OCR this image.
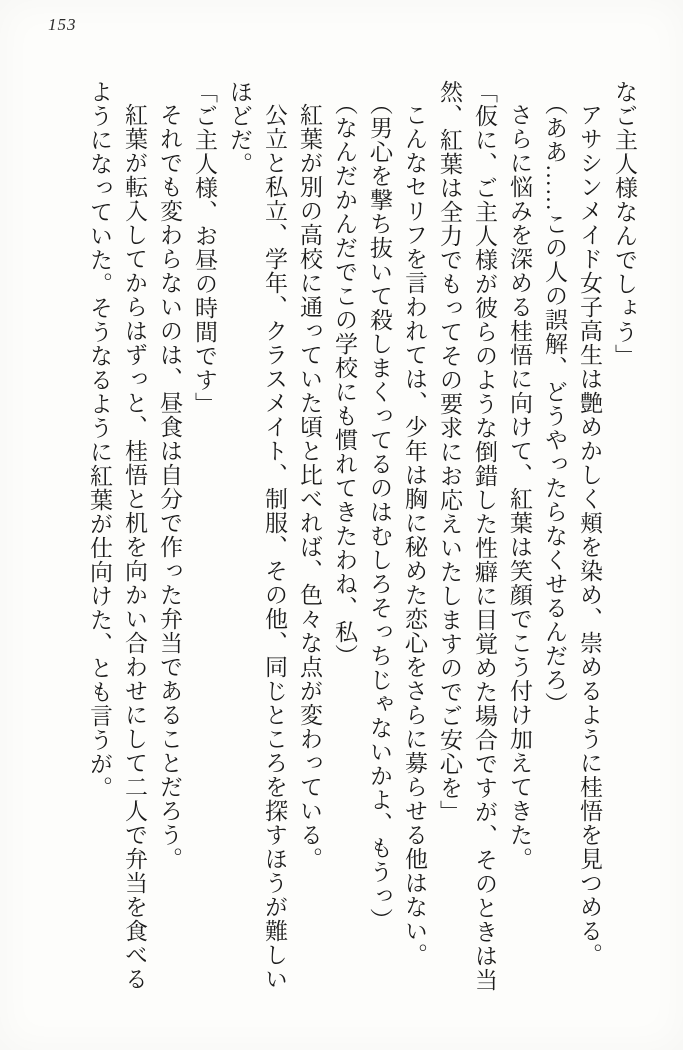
153

なご主人様なんでしょう」

アサシンメイド女子高生は艶めかしく頬を染め、崇めるように桂悟を見つめる。

（ああ……この人の誤解、どうやったらなくせるんだろ）

さらに悩みを深める桂悟に向けて、紅葉は笑顔でこう付け加えてきた。

「仮に、ご主人様が彼らのような倒錯した性癖に目覚めた場合ですが、そのときは当

然、紅葉は全力でもってその要求にお応えいたしますのでご安心を」

こんなセリフを言われては、少年は胸に秘めた恋心をさらに募らせる他はない。

（男心を撃ち抜いて殺しまくってるのはむしろそっちじゃないかよ、もうっ）

（なんだかんだでこの学校にも慣れてきたわね、私）

紅葉が別の高校に通っていた頃と比べれば、色々な点が変わっている。

公立と私立、学年、クラスメイト、制服、その他、同じところを探すほうが難しい

ほどだ。

「ご主人様、お昼の時間です」

それでも変わらないのは、昼食は自分で作った弁当であることだろう。

紅葉が転入してからはずっと、桂悟と机を向かい合わせにして二人で弁当を食べる

ようになっていた。そうなるように紅葉が仕向けた、とも言うが。
